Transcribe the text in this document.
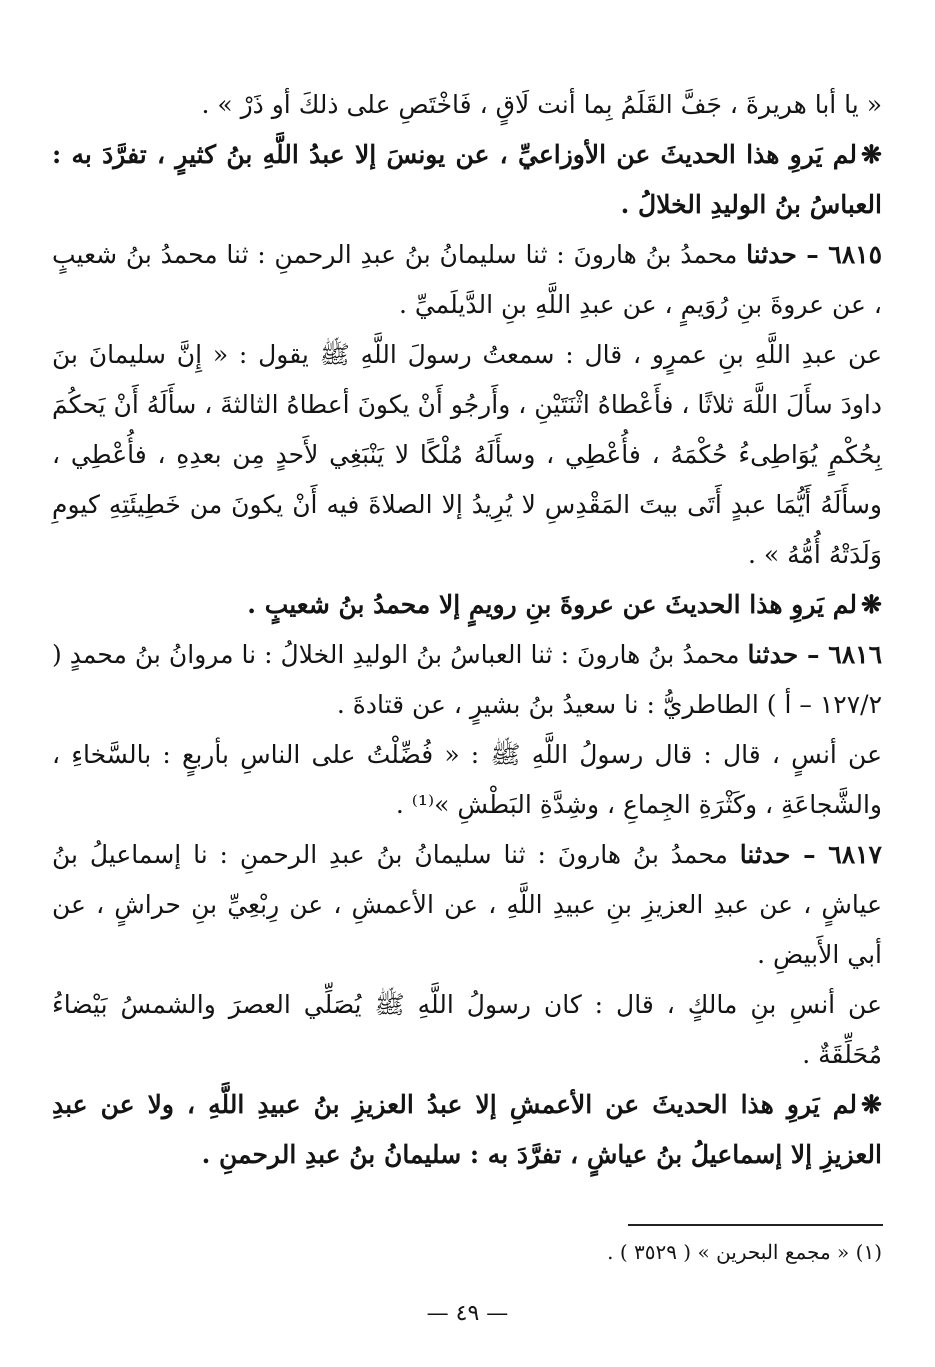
« يا أبا هريرةَ ، جَفَّ القَلَمُ بِما أنت لَاقٍ ، فَاخْتَصِ على ذلكَ أو ذَرْ » .

❋لم يَروِ هذا الحديثَ عن الأوزاعيِّ ، عن يونسَ إلا عبدُ اللَّهِ بنُ كثيرٍ ، تفرَّدَ به : العباسُ بنُ الوليدِ الخلالُ .

٦٨١٥ – حدثنا محمدُ بنُ هارونَ : ثنا سليمانُ بنُ عبدِ الرحمنِ : ثنا محمدُ بنُ شعيبٍ ، عن عروةَ بنِ رُوَيمٍ ، عن عبدِ اللَّهِ بنِ الدَّيلَميِّ .

عن عبدِ اللَّهِ بنِ عمرٍو ، قال : سمعتُ رسولَ اللَّهِ ﷺ يقول : « إِنَّ سليمانَ بنَ داودَ سأَلَ اللَّهَ ثلاثًا ، فأَعْطاهُ اثْنَتَيْنِ ، وأَرجُو أَنْ يكونَ أعطاهُ الثالثةَ ، سأَلَهُ أَنْ يَحكُمَ بِحُكْمٍ يُوَاطِىءُ حُكْمَهُ ، فأُعْطِي ، وسأَلَهُ مُلْكًا لا يَنْبَغِي لأَحدٍ مِن بعدِهِ ، فأُعْطِي ، وسأَلَهُ أَيُّمَا عبدٍ أَتَى بيتَ المَقْدِسِ لا يُرِيدُ إلا الصلاةَ فيه أَنْ يكونَ من خَطِيئَتِهِ كيومِ وَلَدَتْهُ أُمُّهُ » .

❋لم يَروِ هذا الحديثَ عن عروةَ بنِ رويمٍ إلا محمدُ بنُ شعيبٍ .

٦٨١٦ – حدثنا محمدُ بنُ هارونَ : ثنا العباسُ بنُ الوليدِ الخلالُ : نا مروانُ بنُ محمدٍ ( ١٢٧/٢ – أ ) الطاطريُّ : نا سعيدُ بنُ بشيرٍ ، عن قتادةَ .

عن أنسٍ ، قال : قال رسولُ اللَّهِ ﷺ : « فُضِّلْتُ على الناسِ بأربعٍ : بالسَّخاءِ ، والشَّجاعَةِ ، وكَثْرَةِ الجِماعِ ، وشِدَّةِ البَطْشِ »⁽¹⁾ .

٦٨١٧ – حدثنا محمدُ بنُ هارونَ : ثنا سليمانُ بنُ عبدِ الرحمنِ : نا إسماعيلُ بنُ عياشٍ ، عن عبدِ العزيزِ بنِ عبيدِ اللَّهِ ، عن الأعمشِ ، عن رِبْعِيِّ بنِ حراشٍ ، عن أبي الأَبيضِ .

عن أنسِ بنِ مالكٍ ، قال : كان رسولُ اللَّهِ ﷺ يُصَلِّي العصرَ والشمسُ بَيْضاءُ مُحَلِّقَةٌ .

❋لم يَروِ هذا الحديثَ عن الأعمشِ إلا عبدُ العزيزِ بنُ عبيدِ اللَّهِ ، ولا عن عبدِ العزيزِ إلا إسماعيلُ بنُ عياشٍ ، تفرَّدَ به : سليمانُ بنُ عبدِ الرحمنِ .

(١) « مجمع البحرين » ( ٣٥٢٩ ) .
— ٤٩ —
